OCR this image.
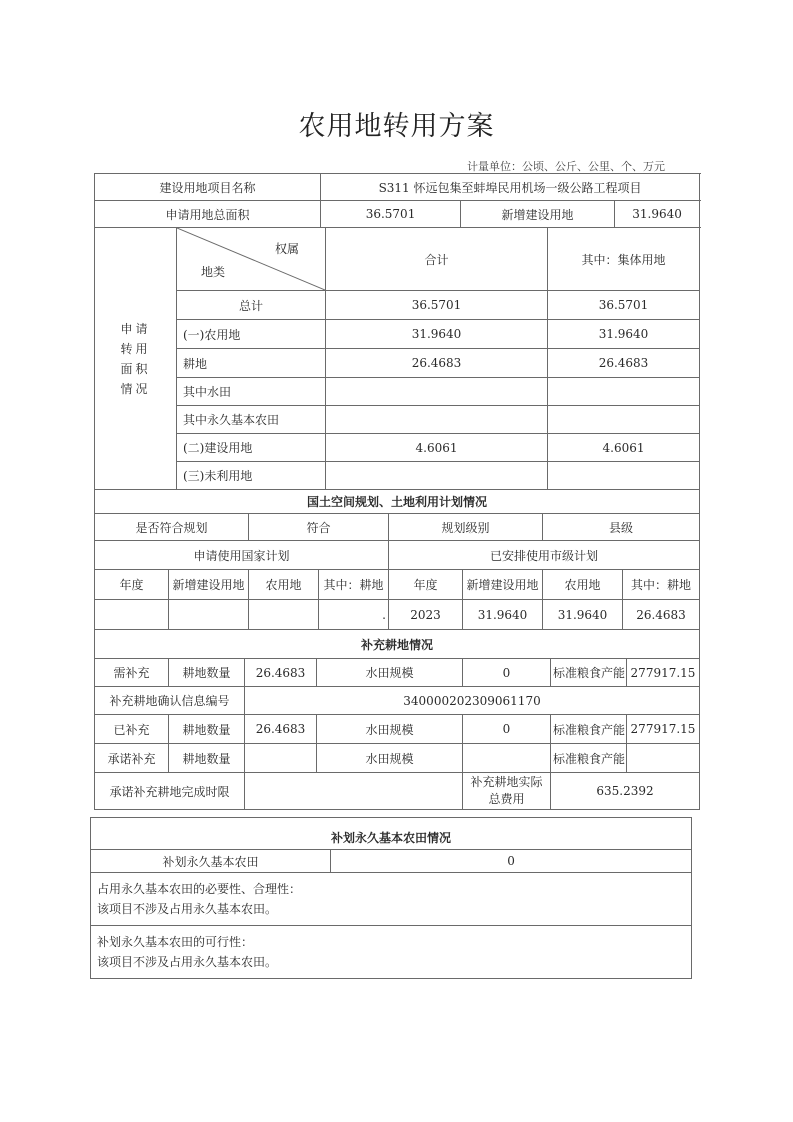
农用地转用方案
计量单位：公顷、公斤、公里、个、万元
建设用地项目名称	S311 怀远包集至蚌埠民用机场一级公路工程项目		
申请用地总面积	36.5701	新增建设用地	31.9640
申请转用面积情况	权属
地类	合计	其中：集体用地
	总计	36.5701	36.5701
	(一)农用地	31.9640	31.9640
	耕地	26.4683	26.4683
	其中水田		
	其中永久基本农田		
	(二)建设用地	4.6061	4.6061
	(三)未利用地		
国土空间规划、土地利用计划情况							
是否符合规划		符合		规划级别		县级	
申请使用国家计划				已安排使用市级计划			
年度	新增建设用地	农用地	其中：耕地	年度	新增建设用地	农用地	其中：耕地
			.	2023	31.9640	31.9640	26.4683
补充耕地情况						
需补充	耕地数量	26.4683	水田规模	0	标准粮食产能	277917.15
补充耕地确认信息编号		340000202309061170				
已补充	耕地数量	26.4683	水田规模	0	标准粮食产能	277917.15
承诺补充	耕地数量		水田规模		标准粮食产能	
承诺补充耕地完成时限				补充耕地实际总费用	635.2392	
补划永久基本农田情况
补划永久基本农田	0

占用永久基本农田的必要性、合理性：
该项目不涉及占用永久基本农田。

补划永久基本农田的可行性：
该项目不涉及占用永久基本农田。
